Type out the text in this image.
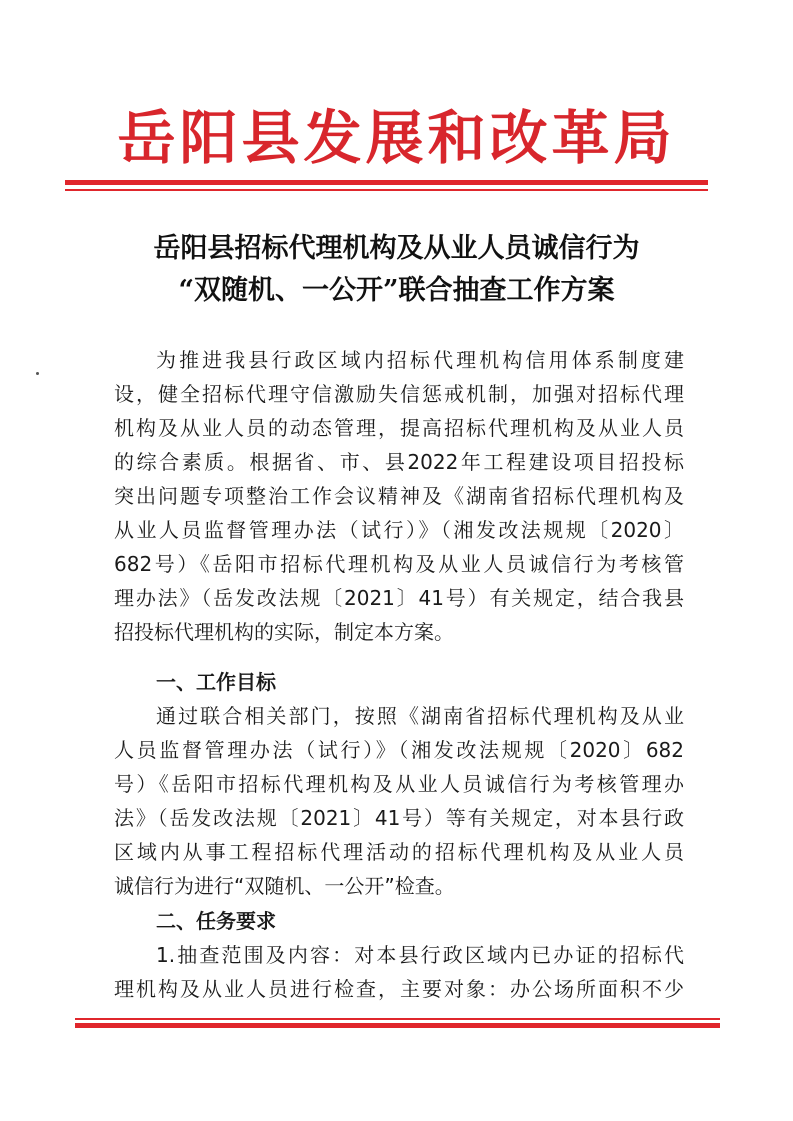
岳阳县发展和改革局
岳阳县招标代理机构及从业人员诚信行为
“双随机、一公开”联合抽查工作方案
为推进我县行政区域内招标代理机构信用体系制度建
设，健全招标代理守信激励失信惩戒机制，加强对招标代理
机构及从业人员的动态管理，提高招标代理机构及从业人员
的综合素质。根据省、市、县2022年工程建设项目招投标
突出问题专项整治工作会议精神及《湖南省招标代理机构及
从业人员监督管理办法（试行）》（湘发改法规规〔2020〕
682号）《岳阳市招标代理机构及从业人员诚信行为考核管
理办法》（岳发改法规〔2021〕41号）有关规定，结合我县
招投标代理机构的实际，制定本方案。
一、工作目标
通过联合相关部门，按照《湖南省招标代理机构及从业
人员监督管理办法（试行）》（湘发改法规规〔2020〕682
号）《岳阳市招标代理机构及从业人员诚信行为考核管理办
法》（岳发改法规〔2021〕41号）等有关规定，对本县行政
区域内从事工程招标代理活动的招标代理机构及从业人员
诚信行为进行“双随机、一公开”检查。
二、任务要求
1.抽查范围及内容：对本县行政区域内已办证的招标代
理机构及从业人员进行检查，主要对象：办公场所面积不少
